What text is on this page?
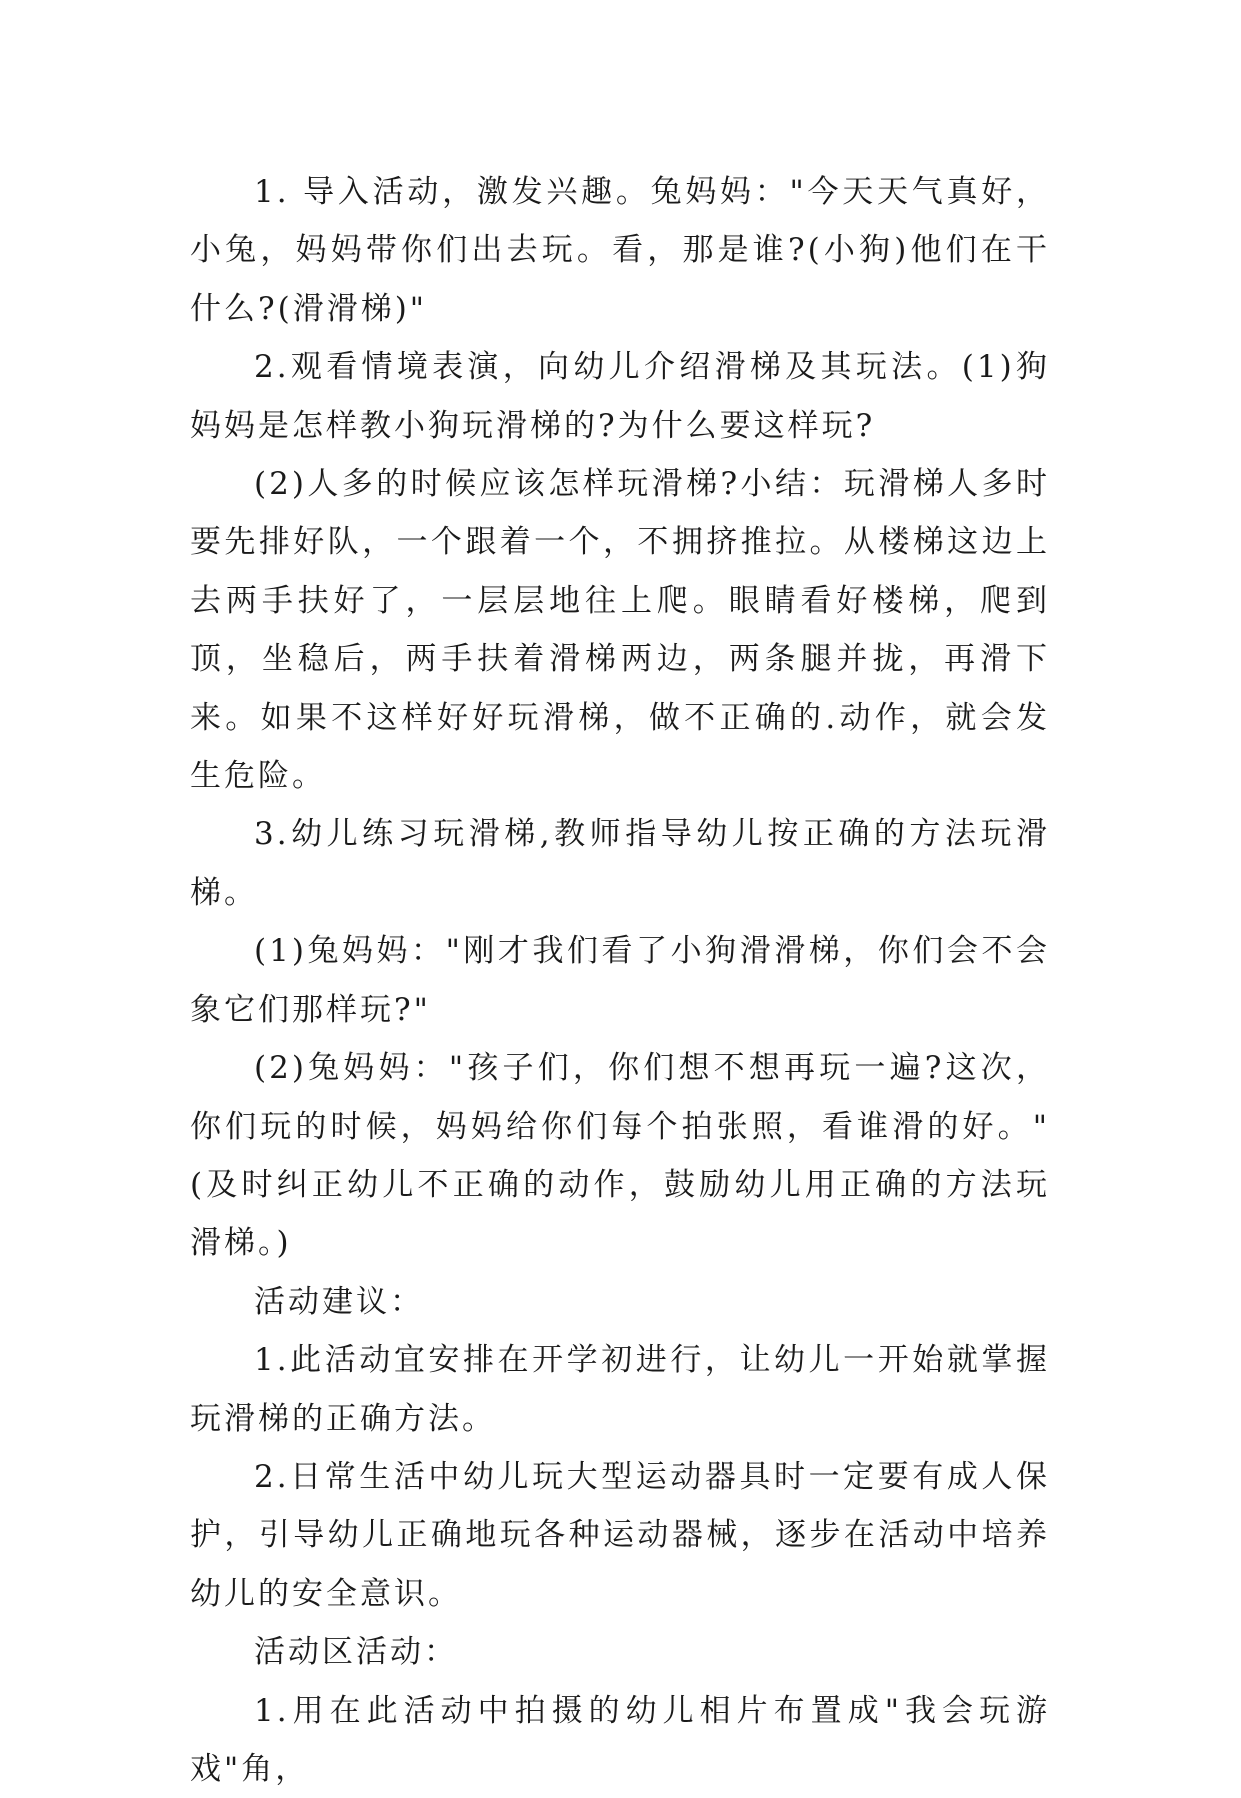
1. 导入活动，激发兴趣。兔妈妈："今天天气真好，小兔，妈妈带你们出去玩。看，那是谁?(小狗)他们在干什么?(滑滑梯)"

2.观看情境表演，向幼儿介绍滑梯及其玩法。(1)狗妈妈是怎样教小狗玩滑梯的?为什么要这样玩?

(2)人多的时候应该怎样玩滑梯?小结：玩滑梯人多时要先排好队，一个跟着一个，不拥挤推拉。从楼梯这边上去两手扶好了，一层层地往上爬。眼睛看好楼梯，爬到顶，坐稳后，两手扶着滑梯两边，两条腿并拢，再滑下来。如果不这样好好玩滑梯，做不正确的.动作，就会发生危险。

3.幼儿练习玩滑梯,教师指导幼儿按正确的方法玩滑梯。

(1)兔妈妈："刚才我们看了小狗滑滑梯，你们会不会象它们那样玩?"

(2)兔妈妈："孩子们，你们想不想再玩一遍?这次，你们玩的时候，妈妈给你们每个拍张照，看谁滑的好。"(及时纠正幼儿不正确的动作，鼓励幼儿用正确的方法玩滑梯。)

活动建议：

1.此活动宜安排在开学初进行，让幼儿一开始就掌握玩滑梯的正确方法。

2.日常生活中幼儿玩大型运动器具时一定要有成人保护，引导幼儿正确地玩各种运动器械，逐步在活动中培养幼儿的安全意识。

活动区活动：

1.用在此活动中拍摄的幼儿相片布置成"我会玩游戏"角，
